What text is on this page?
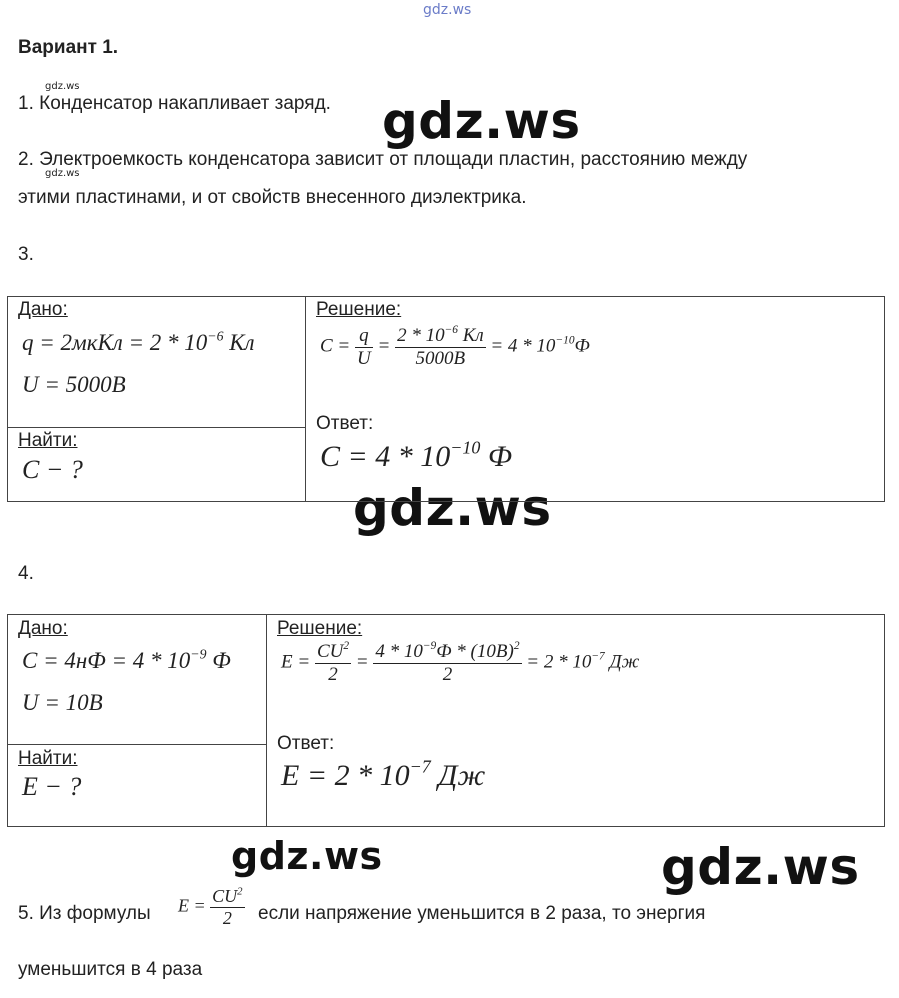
gdz.ws
gdz.ws
gdz.ws
gdz.ws
gdz.ws
gdz.ws	gdz.ws
Вариант 1.
1. Конденсатор накапливает заряд.
2. Электроемкость конденсатора зависит от площади пластин, расстоянию между
этими пластинами, и от свойств внесенного диэлектрика.
3.
Дано:
q = 2мкКл = $2 * 10^{-6}$ Кл
U = 5000В
Найти:
C − ?
Решение:
$C = \frac{q}{U} = \frac{2 * 10^{-6} Кл}{5000В} = 4 * 10^{-10}Ф$
Ответ:
$C = 4 * 10^{-10}$ Ф
4.
Дано:
$C = 4нФ = 4 * 10^{-9}$ Ф
U = 10В
Найти:
E − ?
Решение:
$E = \frac{CU^2}{2} = \frac{4 * 10^{-9}Ф * (10В)^2}{2} = 2 * 10^{-7}$ Дж
Ответ:
$E = 2 * 10^{-7}$ Дж
5. Из формулы $E = \frac{CU^2}{2}$ если напряжение уменьшится в 2 раза, то энергия
уменьшится в 4 раза
